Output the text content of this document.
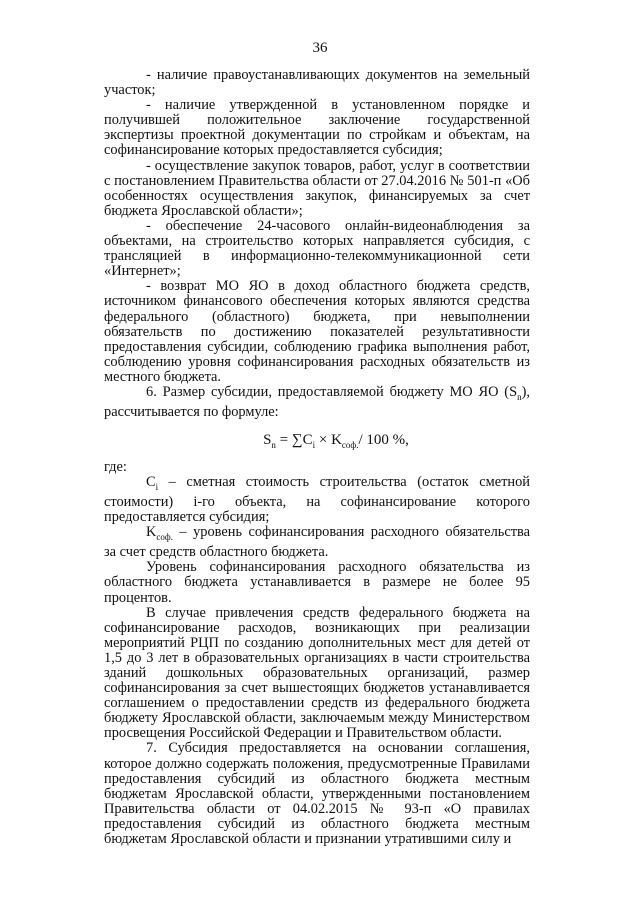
36

- наличие правоустанавливающих документов на земельный участок;

- наличие утвержденной в установленном порядке и получившей положительное заключение государственной экспертизы проектной документации по стройкам и объектам, на софинансирование которых предоставляется субсидия;

- осуществление закупок товаров, работ, услуг в соответствии с постановлением Правительства области от 27.04.2016 № 501-п «Об особенностях осуществления закупок, финансируемых за счет бюджета Ярославской области»;

- обеспечение 24-часового онлайн-видеонаблюдения за объектами, на строительство которых направляется субсидия, с трансляцией в информационно-телекоммуникационной сети «Интернет»;

- возврат МО ЯО в доход областного бюджета средств, источником финансового обеспечения которых являются средства федерального (областного) бюджета, при невыполнении обязательств по достижению показателей результативности предоставления субсидии, соблюдению графика выполнения работ, соблюдению уровня софинансирования расходных обязательств из местного бюджета.

6. Размер субсидии, предоставляемой бюджету МО ЯО $(S_n)$, рассчитывается по формуле:

$S_n = \sum C_i \times K_{соф.}/$ 100 %,

где:

$C_i$ – сметная стоимость строительства (остаток сметной стоимости) i-го объекта, на софинансирование которого предоставляется субсидия;

$K_{соф.}$ – уровень софинансирования расходного обязательства за счет средств областного бюджета.

Уровень софинансирования расходного обязательства из областного бюджета устанавливается в размере не более 95 процентов.

В случае привлечения средств федерального бюджета на софинансирование расходов, возникающих при реализации мероприятий РЦП по созданию дополнительных мест для детей от 1,5 до 3 лет в образовательных организациях в части строительства зданий дошкольных образовательных организаций, размер софинансирования за счет вышестоящих бюджетов устанавливается соглашением о предоставлении средств из федерального бюджета бюджету Ярославской области, заключаемым между Министерством просвещения Российской Федерации и Правительством области.

7. Субсидия предоставляется на основании соглашения, которое должно содержать положения, предусмотренные Правилами предоставления субсидий из областного бюджета местным бюджетам Ярославской области, утвержденными постановлением Правительства области от 04.02.2015 № 93-п «О правилах предоставления субсидий из областного бюджета местным бюджетам Ярославской области и признании утратившими силу и
